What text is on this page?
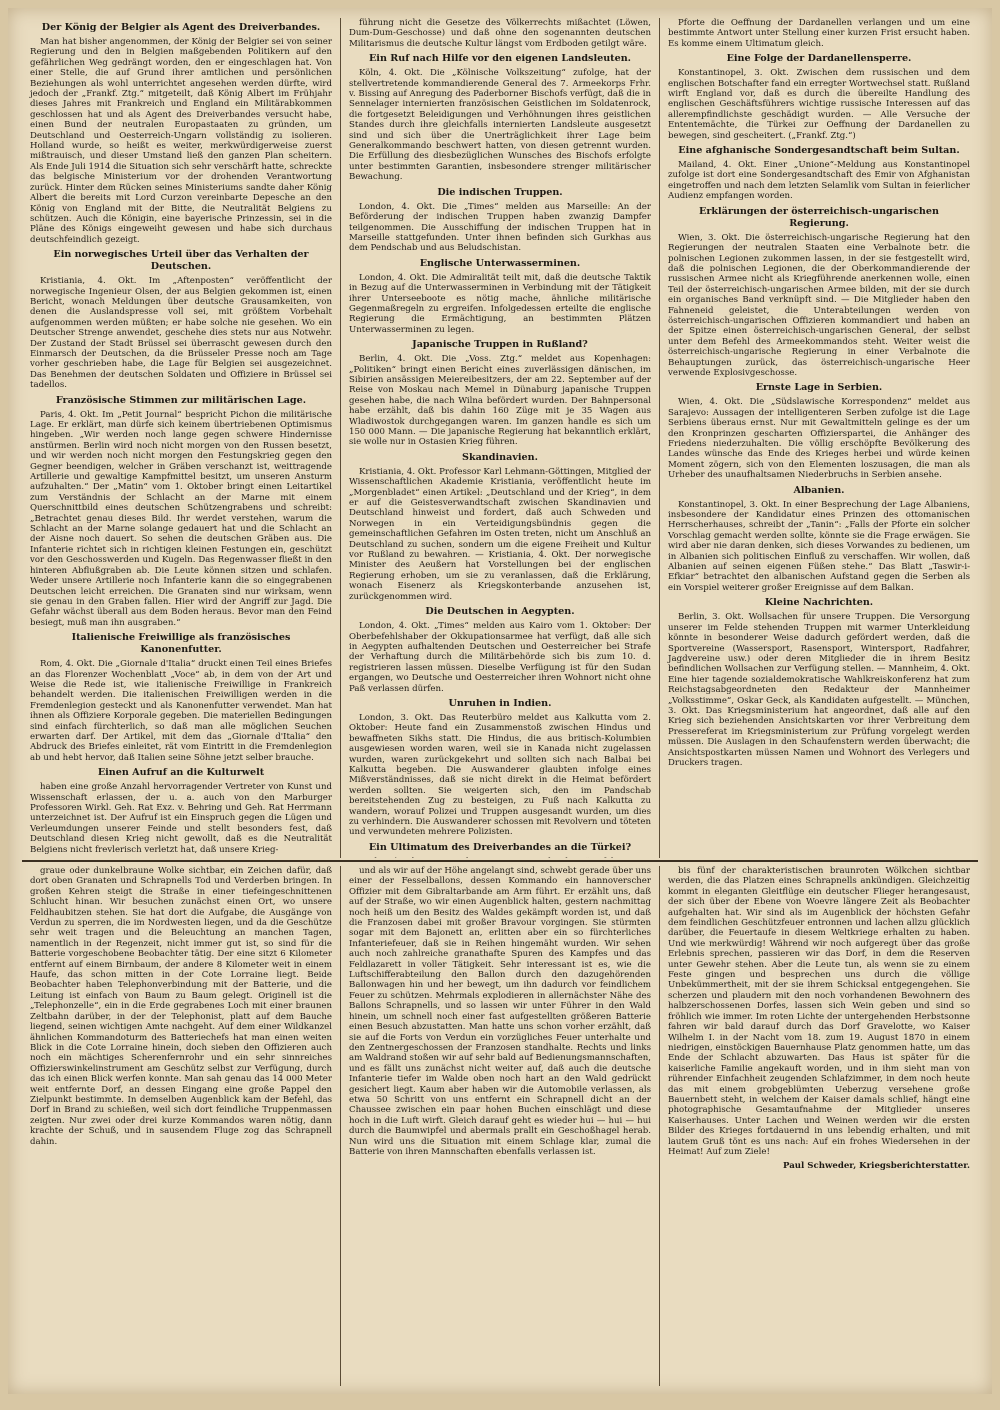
Der König der Belgier als Agent des Dreiverbandes.

Man hat bisher angenommen, der König der Belgier sei von seiner Regierung und den in Belgien maßgebenden Politikern auf den gefährlichen Weg gedrängt worden, den er eingeschlagen hat. Von einer Stelle, die auf Grund ihrer amtlichen und persönlichen Beziehungen als wohl unterrichtet angesehen werden dürfte, wird jedoch der „Frankf. Ztg.“ mitgeteilt, daß König Albert im Frühjahr dieses Jahres mit Frankreich und England ein Militärabkommen geschlossen hat und als Agent des Dreiverbandes versucht habe, einen Bund der neutralen Europastaaten zu gründen, um Deutschland und Oesterreich-Ungarn vollständig zu isolieren. Holland wurde, so heißt es weiter, merkwürdigerweise zuerst mißtrauisch, und dieser Umstand ließ den ganzen Plan scheitern. Als Ende Juli 1914 die Situation sich sehr verschärft hatte, schreckte das belgische Ministerium vor der drohenden Verantwortung zurück. Hinter dem Rücken seines Ministeriums sandte daher König Albert die bereits mit Lord Curzon vereinbarte Depesche an den König von England mit der Bitte, die Neutralität Belgiens zu schützen. Auch die Königin, eine bayerische Prinzessin, sei in die Pläne des Königs eingeweiht gewesen und habe sich durchaus deutschfeindlich gezeigt.

Ein norwegisches Urteil über das Verhalten der Deutschen.

Kristiania, 4. Okt. Im „Aftenposten“ veröffentlicht der norwegische Ingenieur Olsen, der aus Belgien gekommen ist, einen Bericht, wonach Meldungen über deutsche Grausamkeiten, von denen die Auslandspresse voll sei, mit größtem Vorbehalt aufgenommen werden müßten; er habe solche nie gesehen. Wo ein Deutscher Strenge anwendet, geschehe dies stets nur aus Notwehr. Der Zustand der Stadt Brüssel sei überrascht gewesen durch den Einmarsch der Deutschen, da die Brüsseler Presse noch am Tage vorher geschrieben habe, die Lage für Belgien sei ausgezeichnet. Das Benehmen der deutschen Soldaten und Offiziere in Brüssel sei tadellos.

Französische Stimmen zur militärischen Lage.

Paris, 4. Okt. Im „Petit Journal“ bespricht Pichon die militärische Lage. Er erklärt, man dürfe sich keinem übertriebenen Optimismus hingeben. „Wir werden noch lange gegen schwere Hindernisse anstürmen. Berlin wird noch nicht morgen von den Russen besetzt, und wir werden noch nicht morgen den Festungskrieg gegen den Gegner beendigen, welcher in Gräben verschanzt ist, weittragende Artillerie und gewaltige Kampfmittel besitzt, um unseren Ansturm aufzuhalten.“ Der „Matin“ vom 1. Oktober bringt einen Leitartikel zum Verständnis der Schlacht an der Marne mit einem Querschnittbild eines deutschen Schützengrabens und schreibt: „Betrachtet genau dieses Bild. Ihr werdet verstehen, warum die Schlacht an der Marne solange gedauert hat und die Schlacht an der Aisne noch dauert. So sehen die deutschen Gräben aus. Die Infanterie richtet sich in richtigen kleinen Festungen ein, geschützt vor den Geschosswerden und Kugeln. Das Regenwasser fließt in den hinteren Abflußgraben ab. Die Leute können sitzen und schlafen. Weder unsere Artillerie noch Infanterie kann die so eingegrabenen Deutschen leicht erreichen. Die Granaten sind nur wirksam, wenn sie genau in den Graben fallen. Hier wird der Angriff zur Jagd. Die Gefahr wächst überall aus dem Boden heraus. Bevor man den Feind besiegt, muß man ihn ausgraben.“

Italienische Freiwillige als französisches Kanonenfutter.

Rom, 4. Okt. Die „Giornale d'Italia“ druckt einen Teil eines Briefes an das Florenzer Wochenblatt „Voce“ ab, in dem von der Art und Weise die Rede ist, wie italienische Freiwillige in Frankreich behandelt werden. Die italienischen Freiwilligen werden in die Fremdenlegion gesteckt und als Kanonenfutter verwendet. Man hat ihnen als Offiziere Korporale gegeben. Die materiellen Bedingungen sind einfach fürchterlich, so daß man alle möglichen Seuchen erwarten darf. Der Artikel, mit dem das „Giornale d'Italia“ den Abdruck des Briefes einleitet, rät vom Eintritt in die Fremdenlegion ab und hebt hervor, daß Italien seine Söhne jetzt selber brauche.

Einen Aufruf an die Kulturwelt

haben eine große Anzahl hervorragender Vertreter von Kunst und Wissenschaft erlassen, der u. a. auch von den Marburger Professoren Wirkl. Geh. Rat Exz. v. Behring und Geh. Rat Herrmann unterzeichnet ist. Der Aufruf ist ein Einspruch gegen die Lügen und Verleumdungen unserer Feinde und stellt besonders fest, daß Deutschland diesen Krieg nicht gewollt, daß es die Neutralität Belgiens nicht frevlerisch verletzt hat, daß unsere Krieg-

führung nicht die Gesetze des Völkerrechts mißachtet (Löwen, Dum-Dum-Geschosse) und daß ohne den sogenannten deutschen Militarismus die deutsche Kultur längst vom Erdboden getilgt wäre.

Ein Ruf nach Hilfe vor den eigenen Landsleuten.

Köln, 4. Okt. Die „Kölnische Volkszeitung“ zufolge, hat der stellvertretende kommandierende General des 7. Armeekorps Frhr. v. Bissing auf Anregung des Paderborner Bischofs verfügt, daß die in Sennelager internierten französischen Geistlichen im Soldatenrock, die fortgesetzt Beleidigungen und Verhöhnungen ihres geistlichen Standes durch ihre gleichfalls internierten Landsleute ausgesetzt sind und sich über die Unerträglichkeit ihrer Lage beim Generalkommando beschwert hatten, von diesen getrennt wurden. Die Erfüllung des diesbezüglichen Wunsches des Bischofs erfolgte unter bestimmten Garantien, insbesondere strenger militärischer Bewachung.

Die indischen Truppen.

London, 4. Okt. Die „Times“ melden aus Marseille: An der Beförderung der indischen Truppen haben zwanzig Dampfer teilgenommen. Die Ausschiffung der indischen Truppen hat in Marseille stattgefunden. Unter ihnen befinden sich Gurkhas aus dem Pendschab und aus Beludschistan.

Englische Unterwasserminen.

London, 4. Okt. Die Admiralität teilt mit, daß die deutsche Taktik in Bezug auf die Unterwasserminen in Verbindung mit der Tätigkeit ihrer Unterseeboote es nötig mache, ähnliche militärische Gegenmaßregeln zu ergreifen. Infolgedessen erteilte die englische Regierung die Ermächtigung, an bestimmten Plätzen Unterwasserminen zu legen.

Japanische Truppen in Rußland?

Berlin, 4. Okt. Die „Voss. Ztg.“ meldet aus Kopenhagen: „Politiken“ bringt einen Bericht eines zuverlässigen dänischen, im Sibirien ansässigen Meiereibesitzers, der am 22. September auf der Reise von Moskau nach Memel in Dünaburg japanische Truppen gesehen habe, die nach Wilna befördert wurden. Der Bahnpersonal habe erzählt, daß bis dahin 160 Züge mit je 35 Wagen aus Wladiwostok durchgegangen waren. Im ganzen handle es sich um 150 000 Mann. — Die japanische Regierung hat bekanntlich erklärt, sie wolle nur in Ostasien Krieg führen.

Skandinavien.

Kristiania, 4. Okt. Professor Karl Lehmann-Göttingen, Mitglied der Wissenschaftlichen Akademie Kristiania, veröffentlicht heute im „Morgenbladet“ einen Artikel: „Deutschland und der Krieg“, in dem er auf die Geistesverwandtschaft zwischen Skandinavien und Deutschland hinweist und fordert, daß auch Schweden und Norwegen in ein Verteidigungsbündnis gegen die gemeinschaftlichen Gefahren im Osten treten, nicht um Anschluß an Deutschland zu suchen, sondern um die eigene Freiheit und Kultur vor Rußland zu bewahren. — Kristiania, 4. Okt. Der norwegische Minister des Aeußern hat Vorstellungen bei der englischen Regierung erhoben, um sie zu veranlassen, daß die Erklärung, wonach Eisenerz als Kriegskonterbande anzusehen ist, zurückgenommen wird.

Die Deutschen in Aegypten.

London, 4. Okt. „Times“ melden aus Kairo vom 1. Oktober: Der Oberbefehlshaber der Okkupationsarmee hat verfügt, daß alle sich in Aegypten aufhaltenden Deutschen und Oesterreicher bei Strafe der Verhaftung durch die Militärbehörde sich bis zum 10. d. registrieren lassen müssen. Dieselbe Verfügung ist für den Sudan ergangen, wo Deutsche und Oesterreicher ihren Wohnort nicht ohne Paß verlassen dürfen.

Unruhen in Indien.

London, 3. Okt. Das Reuterbüro meldet aus Kalkutta vom 2. Oktober: Heute fand ein Zusammenstoß zwischen Hindus und bewaffneten Sikhs statt. Die Hindus, die aus britisch-Kolumbien ausgewiesen worden waren, weil sie in Kanada nicht zugelassen wurden, waren zurückgekehrt und sollten sich nach Balbai bei Kalkutta begeben. Die Auswanderer glaubten infolge eines Mißverständnisses, daß sie nicht direkt in die Heimat befördert werden sollten. Sie weigerten sich, den im Pandschab bereitstehenden Zug zu besteigen, zu Fuß nach Kalkutta zu wandern, worauf Polizei und Truppen ausgesandt wurden, um dies zu verhindern. Die Auswanderer schossen mit Revolvern und töteten und verwundeten mehrere Polizisten.

Ein Ultimatum des Dreiverbandes an die Türkei?

Pforte die Oeffnung der Dardanellen verlangen und um eine bestimmte Antwort unter Stellung einer kurzen Frist ersucht haben. Es komme einem Ultimatum gleich.

Eine Folge der Dardanellensperre.

Konstantinopel, 3. Okt. Zwischen dem russischen und dem englischen Botschafter fand ein erregter Wortwechsel statt. Rußland wirft England vor, daß es durch die übereilte Handlung des englischen Geschäftsführers wichtige russische Interessen auf das allerempfindlichste geschädigt wurden. — Alle Versuche der Ententemächte, die Türkei zur Oeffnung der Dardanellen zu bewegen, sind gescheitert. („Frankf. Ztg.“)

Eine afghanische Sondergesandtschaft beim Sultan.

Mailand, 4. Okt. Einer „Unione“-Meldung aus Konstantinopel zufolge ist dort eine Sondergesandtschaft des Emir von Afghanistan eingetroffen und nach dem letzten Selamlik vom Sultan in feierlicher Audienz empfangen worden.

Erklärungen der österreichisch-ungarischen Regierung.

Wien, 3. Okt. Die österreichisch-ungarische Regierung hat den Regierungen der neutralen Staaten eine Verbalnote betr. die polnischen Legionen zukommen lassen, in der sie festgestellt wird, daß die polnischen Legionen, die der Oberkommandierende der russischen Armee nicht als Kriegführende anerkennen wolle, einen Teil der österreichisch-ungarischen Armee bilden, mit der sie durch ein organisches Band verknüpft sind. — Die Mitglieder haben den Fahneneid geleistet, die Unterabteilungen werden von österreichisch-ungarischen Offizieren kommandiert und haben an der Spitze einen österreichisch-ungarischen General, der selbst unter dem Befehl des Armeekommandos steht. Weiter weist die österreichisch-ungarische Regierung in einer Verbalnote die Behauptungen zurück, das österreichisch-ungarische Heer verwende Explosivgeschosse.

Ernste Lage in Serbien.

Wien, 4. Okt. Die „Südslawische Korrespondenz“ meldet aus Sarajevo: Aussagen der intelligenteren Serben zufolge ist die Lage Serbiens überaus ernst. Nur mit Gewaltmitteln gelinge es der um den Kronprinzen gescharten Offizierspartei, die Anhänger des Friedens niederzuhalten. Die völlig erschöpfte Bevölkerung des Landes wünsche das Ende des Krieges herbei und würde keinen Moment zögern, sich von den Elementen loszusagen, die man als Urheber des unaufhaltsamen Niederbruchs in Serbien ansehe.

Albanien.

Konstantinopel, 3. Okt. In einer Besprechung der Lage Albaniens, insbesondere der Kandidatur eines Prinzen des ottomanischen Herrscherhauses, schreibt der „Tanin“: „Falls der Pforte ein solcher Vorschlag gemacht werden sollte, könnte sie die Frage erwägen. Sie wird aber nie daran denken, sich dieses Vorwandes zu bedienen, um in Albanien sich politischen Einfluß zu verschaffen. Wir wollen, daß Albanien auf seinen eigenen Füßen stehe.“ Das Blatt „Taswir-i-Efkiar“ betrachtet den albanischen Aufstand gegen die Serben als ein Vorspiel weiterer großer Ereignisse auf dem Balkan.

Kleine Nachrichten.

Berlin, 3. Okt. Wollsachen für unsere Truppen. Die Versorgung unserer im Felde stehenden Truppen mit warmer Unterkleidung könnte in besonderer Weise dadurch gefördert werden, daß die Sportvereine (Wassersport, Rasensport, Wintersport, Radfahrer, Jagdvereine usw.) oder deren Mitglieder die in ihrem Besitz befindlichen Wollsachen zur Verfügung stellen. — Mannheim, 4. Okt. Eine hier tagende sozialdemokratische Wahlkreiskonferenz hat zum Reichstagsabgeordneten den Redakteur der Mannheimer „Volksstimme“, Oskar Geck, als Kandidaten aufgestellt. — München, 3. Okt. Das Kriegsministerium hat angeordnet, daß alle auf den Krieg sich beziehenden Ansichtskarten vor ihrer Verbreitung dem Pressereferat im Kriegsministerium zur Prüfung vorgelegt werden müssen. Die Auslagen in den Schaufenstern werden überwacht; die Ansichtspostkarten müssen Namen und Wohnort des Verlegers und Druckers tragen.

graue oder dunkelbraune Wolke sichtbar, ein Zeichen dafür, daß dort oben Granaten und Schrapnells Tod und Verderben bringen. In großen Kehren steigt die Straße in einer tiefeingeschnittenen Schlucht hinan. Wir besuchen zunächst einen Ort, wo unsere Feldhaubitzen stehen. Sie hat dort die Aufgabe, die Ausgänge von Verdun zu sperren, die im Nordwesten liegen, und da die Geschütze sehr weit tragen und die Beleuchtung an manchen Tagen, namentlich in der Regenzeit, nicht immer gut ist, so sind für die Batterie vorgeschobene Beobachter tätig. Der eine sitzt 6 Kilometer entfernt auf einem Birnbaum, der andere 8 Kilometer weit in einem Haufe, das schon mitten in der Cote Lorraine liegt. Beide Beobachter haben Telephonverbindung mit der Batterie, und die Leitung ist einfach von Baum zu Baum gelegt. Originell ist die „Telephonzelle“, ein in die Erde gegrabenes Loch mit einer braunen Zeltbahn darüber, in der der Telephonist, platt auf dem Bauche liegend, seinen wichtigen Amte nachgeht. Auf dem einer Wildkanzel ähnlichen Kommandoturm des Batteriechefs hat man einen weiten Blick in die Cote Lorraine hinein, doch sieben den Offizieren auch noch ein mächtiges Scherenfernrohr und ein sehr sinnreiches Offizierswinkelinstrument am Geschütz selbst zur Verfügung, durch das ich einen Blick werfen konnte. Man sah genau das 14 000 Meter weit entfernte Dorf, an dessen Eingang eine große Pappel den Zielpunkt bestimmte. In demselben Augenblick kam der Befehl, das Dorf in Brand zu schießen, weil sich dort feindliche Truppenmassen zeigten. Nur zwei oder drei kurze Kommandos waren nötig, dann krachte der Schuß, und in sausendem Fluge zog das Schrapnell dahin.

und als wir auf der Höhe angelangt sind, schwebt gerade über uns einer der Fesselballons, dessen Kommando ein hannoverscher Offizier mit dem Gibraltarbande am Arm führt. Er erzählt uns, daß auf der Straße, wo wir einen Augenblick halten, gestern nachmittag noch heiß um den Besitz des Waldes gekämpft worden ist, und daß die Franzosen dabei mit großer Bravour vorgingen. Sie stürmten sogar mit dem Bajonett an, erlitten aber ein so fürchterliches Infanteriefeuer, daß sie in Reihen hingemäht wurden. Wir sehen auch noch zahlreiche granathafte Spuren des Kampfes und das Feldlazarett in voller Tätigkeit. Sehr interessant ist es, wie die Luftschifferabteilung den Ballon durch den dazugehörenden Ballonwagen hin und her bewegt, um ihn dadurch vor feindlichem Feuer zu schützen. Mehrmals explodieren in allernächster Nähe des Ballons Schrapnells, und so lassen wir unter Führer in den Wald hinein, um schnell noch einer fast aufgestellten größeren Batterie einen Besuch abzustatten. Man hatte uns schon vorher erzählt, daß sie auf die Forts von Verdun ein vorzügliches Feuer unterhalte und den Zentnergeschossen der Franzosen standhalte. Rechts und links am Waldrand stoßen wir auf sehr bald auf Bedienungsmannschaften, und es fällt uns zunächst nicht weiter auf, daß auch die deutsche Infanterie tiefer im Walde oben noch hart an den Wald gedrückt gesichert liegt. Kaum aber haben wir die Automobile verlassen, als etwa 50 Schritt von uns entfernt ein Schrapnell dicht an der Chaussee zwischen ein paar hohen Buchen einschlägt und diese hoch in die Luft wirft. Gleich darauf geht es wieder hui — hui — hui durch die Baumwipfel und abermals prallt ein Geschoßhagel herab. Nun wird uns die Situation mit einem Schlage klar, zumal die Batterie von ihren Mannschaften ebenfalls verlassen ist.

bis fünf der charakteristischen braunroten Wölkchen sichtbar werden, die das Platzen eines Schrapnells ankündigen. Gleichzeitig kommt in eleganten Gleitflüge ein deutscher Flieger herangesaust, der sich über der Ebene von Woevre längere Zeit als Beobachter aufgehalten hat. Wir sind als im Augenblick der höchsten Gefahr dem feindlichen Geschützfeuer entronnen und lachen allzu glücklich darüber, die Feuertaufe in diesem Weltkriege erhalten zu haben. Und wie merkwürdig! Während wir noch aufgeregt über das große Erlebnis sprechen, passieren wir das Dorf, in dem die Reserven unter Gewehr stehen. Aber die Leute tun, als wenn sie zu einem Feste gingen und besprechen uns durch die völlige Unbekümmertheit, mit der sie ihrem Schicksal entgegengehen. Sie scherzen und plaudern mit den noch vorhandenen Bewohnern des halbzerschossenen Dorfes, lassen sich Wein geben und sind so fröhlich wie immer. Im roten Lichte der untergehenden Herbstsonne fahren wir bald darauf durch das Dorf Gravelotte, wo Kaiser Wilhelm I. in der Nacht vom 18. zum 19. August 1870 in einem niedrigen, einstöckigen Bauernhause Platz genommen hatte, um das Ende der Schlacht abzuwarten. Das Haus ist später für die kaiserliche Familie angekauft worden, und in ihm sieht man von rührender Einfachheit zeugenden Schlafzimmer, in dem noch heute das mit einem grobgeblümten Ueberzug versehene große Bauernbett steht, in welchem der Kaiser damals schlief, hängt eine photographische Gesamtaufnahme der Mitglieder unseres Kaiserhauses. Unter Lachen und Weinen werden wir die ersten Bilder des Krieges fortdauernd in uns lebendig erhalten, und mit lautem Gruß tönt es uns nach: Auf ein frohes Wiedersehen in der Heimat! Auf zum Ziele!

Paul Schweder, Kriegsberichterstatter.
